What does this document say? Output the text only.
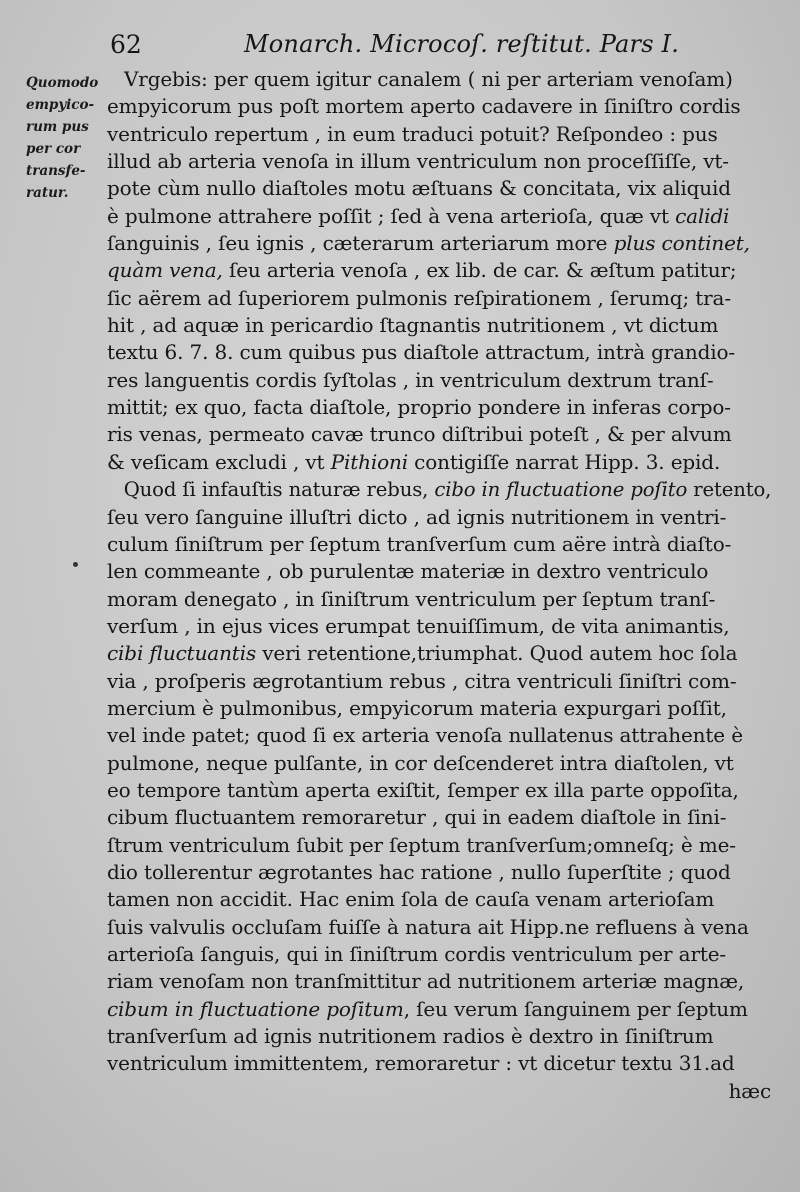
62	Monarch. Microcoſ. reſtitut. Pars I.
Quomodo
empyico-
rum pus
per cor
transfe-
ratur.
Vrgebis: per quem igitur canalem ( ni per arteriam venoſam)
empyicorum pus poſt mortem aperto cadavere in ſiniſtro cordis
ventriculo repertum , in eum traduci potuit? Reſpondeo : pus
illud ab arteria venoſa in illum ventriculum non proceſſiſſe, vt-
pote cùm nullo diaſtoles motu æſtuans & concitata, vix aliquid
è pulmone attrahere poſſit ; ſed à vena arterioſa, quæ vt calidi
ſanguinis , ſeu ignis , cæterarum arteriarum more plus continet,
quàm vena, ſeu arteria venoſa , ex lib. de car. & æſtum patitur;
ſic aërem ad ſuperiorem pulmonis reſpirationem , ſerumq; tra-
hit , ad aquæ in pericardio ſtagnantis nutritionem , vt dictum
textu 6. 7. 8. cum quibus pus diaſtole attractum, intrà grandio-
res languentis cordis ſyſtolas , in ventriculum dextrum tranſ-
mittit; ex quo, facta diaſtole, proprio pondere in inferas corpo-
ris venas, permeato cavæ trunco diſtribui poteſt , & per alvum
& veſicam excludi , vt Pithioni contigiſſe narrat Hipp. 3. epid.
Quod ſi infauſtis naturæ rebus, cibo in fluctuatione poſito retento,
ſeu vero ſanguine illuſtri dicto , ad ignis nutritionem in ventri-
culum ſiniſtrum per ſeptum tranſverſum cum aëre intrà diaſto-
len commeante , ob purulentæ materiæ in dextro ventriculo
moram denegato , in ſiniſtrum ventriculum per ſeptum tranſ-
verſum , in ejus vices erumpat tenuiſſimum, de vita animantis,
cibi fluctuantis veri retentione,triumphat. Quod autem hoc ſola
via , proſperis ægrotantium rebus , citra ventriculi ſiniſtri com-
mercium è pulmonibus, empyicorum materia expurgari poſſit,
vel inde patet; quod ſi ex arteria venoſa nullatenus attrahente è
pulmone, neque pulſante, in cor deſcenderet intra diaſtolen, vt
eo tempore tantùm aperta exiſtit, ſemper ex illa parte oppoſita,
cibum fluctuantem remoraretur , qui in eadem diaſtole in ſini-
ſtrum ventriculum ſubit per ſeptum tranſverſum;omneſq; è me-
dio tollerentur ægrotantes hac ratione , nullo ſuperſtite ; quod
tamen non accidit. Hac enim ſola de cauſa venam arterioſam
ſuis valvulis occluſam fuiſſe à natura ait Hipp.ne refluens à vena
arterioſa ſanguis, qui in ſiniſtrum cordis ventriculum per arte-
riam venoſam non tranſmittitur ad nutritionem arteriæ magnæ,
cibum in fluctuatione poſitum, ſeu verum ſanguinem per ſeptum
tranſverſum ad ignis nutritionem radios è dextro in ſiniſtrum
ventriculum immittentem, remoraretur : vt dicetur textu 31.ad
hæc
